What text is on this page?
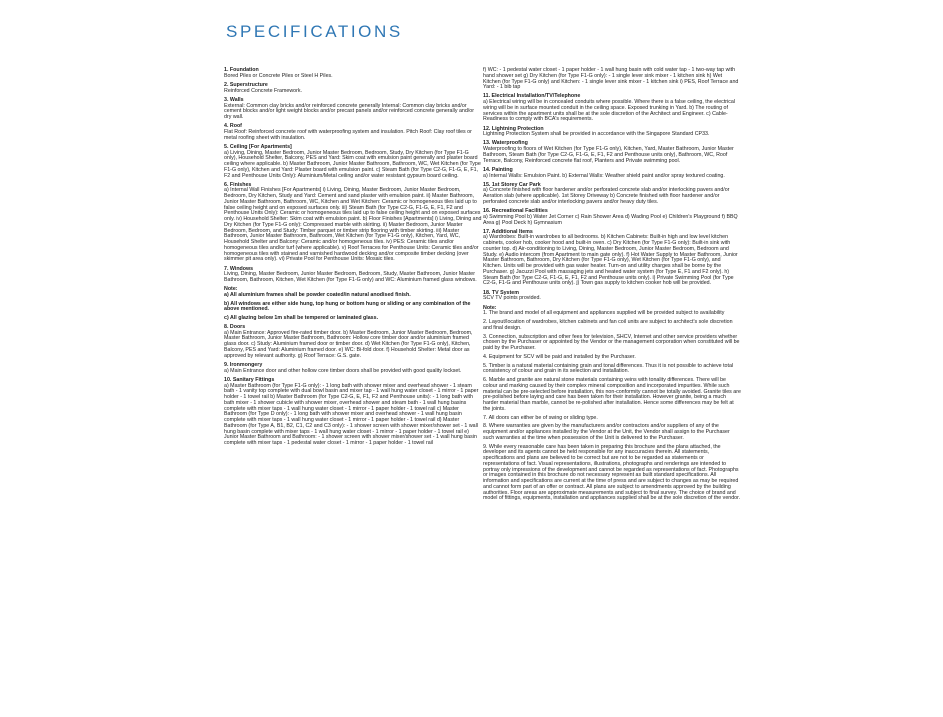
SPECIFICATIONS
1. Foundation
Bored Piles or Concrete Piles or Steel H Piles.
2. Superstructure
Reinforced Concrete Framework.
3. Walls
External: Common clay bricks and/or reinforced concrete generally Internal: Common clay bricks and/or cement blocks and/or light weight blocks and/or precast panels and/or reinforced concrete generally and/or dry wall.
4. Roof
Flat Roof: Reinforced concrete roof with waterproofing system and insulation. Pitch Roof: Clay roof tiles or metal roofing sheet with insulation.
5. Ceiling [For Apartments]
a) Living, Dining, Master Bedroom, Junior Master Bedroom, Bedroom, Study, Dry Kitchen (for Type F1-G only), Household Shelter, Balcony, PES and Yard: Skim coat with emulsion paint generally and plaster board ceiling where applicable. b) Master Bathroom, Junior Master Bathroom, Bathroom, WC, Wet Kitchen (for Type F1-G only), Kitchen and Yard: Plaster board with emulsion paint. c) Steam Bath (for Type C2-G, F1-G, E, F1, F2 and Penthouse Units Only): Aluminium/Metal ceiling and/or water resistant gypsum board ceiling.
6. Finishes
a) Internal Wall Finishes [For Apartments] i) Living, Dining, Master Bedroom, Junior Master Bedroom, Bedroom, Dry Kitchen, Study and Yard: Cement and sand plaster with emulsion paint. ii) Master Bathroom, Junior Master Bathroom, Bathroom, WC, Kitchen and Wet Kitchen: Ceramic or homogeneous tiles laid up to false ceiling height and on exposed surfaces only. iii) Steam Bath (for Type C2-G, F1-G, E, F1, F2 and Penthouse Units Only): Ceramic or homogeneous tiles laid up to false ceiling height and on exposed surfaces only. iv) Household Shelter: Skim coat with emulsion paint. b) Floor Finishes [Apartments] i) Living, Dining and Dry Kitchen (for Type F1-G only): Compressed marble with skirting. ii) Master Bedroom, Junior Master Bedroom, Bedroom, and Study: Timber parquet or timber strip flooring with timber skirting. iii) Master Bathroom, Junior Master Bathroom, Bathroom, Wet Kitchen (for Type F1-G only), Kitchen, Yard, WC, Household Shelter and Balcony: Ceramic and/or homogeneous tiles. iv) PES: Ceramic tiles and/or homogeneous tiles and/or turf (where applicable). v) Roof Terraces for Penthouse Units: Ceramic tiles and/or homogeneous tiles with stained and varnished hardwood decking and/or composite timber decking (over skimmer pit area only). vi) Private Pool for Penthouse Units: Mosaic tiles.
7. Windows
Living, Dining, Master Bedroom, Junior Master Bedroom, Bedroom, Study, Master Bathroom, Junior Master Bathroom, Bathroom, Kitchen, Wet Kitchen (for Type F1-G only) and WC: Aluminium framed glass windows.
Note:
a) All aluminium frames shall be powder coated/in natural anodised finish.
b) All windows are either side hung, top hung or bottom hung or sliding or any combination of the above mentioned.
c) All glazing below 1m shall be tempered or laminated glass.
8. Doors
a) Main Entrance: Approved fire-rated timber door. b) Master Bedroom, Junior Master Bedroom, Bedroom, Master Bathroom, Junior Master Bathroom, Bathroom: Hollow core timber door and/or aluminium framed glass door. c) Study: Aluminium framed door or timber door. d) Wet Kitchen (for Type F1-G only), Kitchen, Balcony, PES and Yard: Aluminium framed door. e) WC: Bi-fold door. f) Household Shelter: Metal door as approved by relevant authority. g) Roof Terrace: G.S. gate.
9. Ironmongery
a) Main Entrance door and other hollow core timber doors shall be provided with good quality lockset.
10. Sanitary Fittings
a) Master Bathroom (for Type F1-G only): - 1 long bath with shower mixer and overhead shower - 1 steam bath - 1 vanity top complete with dual bowl basin and mixer tap - 1 wall hung water closet - 1 mirror - 1 paper holder - 1 towel rail b) Master Bathroom (for Type C2-G, E, F1, F2 and Penthouse units): - 1 long bath with bath mixer - 1 shower cubicle with shower mixer, overhead shower and steam bath - 1 wall hung basins complete with mixer taps - 1 wall hung water closet - 1 mirror - 1 paper holder - 1 towel rail c) Master Bathroom (for Type D only): - 1 long bath with shower mixer and overhead shower - 1 wall hung basin complete with mixer taps - 1 wall hung water closet - 1 mirror - 1 paper holder - 1 towel rail d) Master Bathroom (for Type A, B1, B2, C1, C2 and C3 only): - 1 shower screen with shower mixer/shower set - 1 wall hung basin complete with mixer taps - 1 wall hung water closet - 1 mirror - 1 paper holder - 1 towel rail e) Junior Master Bathroom and Bathroom: - 1 shower screen with shower mixer/shower set - 1 wall hung basin complete with mixer taps - 1 pedestal water closet - 1 mirror - 1 paper holder - 1 towel rail
f) WC: - 1 pedestal water closet - 1 paper holder - 1 wall hung basin with cold water tap - 1 two-way tap with hand shower set g) Dry Kitchen (for Type F1-G only): - 1 single lever sink mixer - 1 kitchen sink h) Wet Kitchen (for Type F1-G only) and Kitchen: - 1 single lever sink mixer - 1 kitchen sink i) PES, Roof Terrace and Yard: - 1 bib tap
11. Electrical Installation/TV/Telephone
a) Electrical wiring will be in concealed conduits where possible. Where there is a false ceiling, the electrical wiring will be in surface mounted conduit in the ceiling space. Exposed trunking in Yard. b) The routing of services within the apartment units shall be at the sole discretion of the Architect and Engineer. c) Cable-Readiness to comply with BCA's requirements.
12. Lightning Protection
Lightning Protection System shall be provided in accordance with the Singapore Standard CP33.
13. Waterproofing
Waterproofing to floors of Wet Kitchen (for Type F1-G only), Kitchen, Yard, Master Bathroom, Junior Master Bathroom, Steam Bath (for Type C2-G, F1-G, E, F1, F2 and Penthouse units only), Bathroom, WC, Roof Terrace, Balcony, Reinforced concrete flat roof, Planters and Private swimming pool.
14. Painting
a) Internal Walls: Emulsion Paint. b) External Walls: Weather shield paint and/or spray textured coating.
15. 1st Storey Car Park
a) Concrete finished with floor hardener and/or perforated concrete slab and/or interlocking pavers and/or Aeration slab (where applicable). 1st Storey Driveway b) Concrete finished with floor hardener and/or perforated concrete slab and/or interlocking pavers and/or heavy duty tiles.
16. Recreational Facilities
a) Swimming Pool b) Water Jet Corner c) Rain Shower Area d) Wading Pool e) Children's Playground f) BBQ Area g) Pool Deck h) Gymnasium
17. Additional Items
a) Wardrobes: Built-in wardrobes to all bedrooms. b) Kitchen Cabinets: Built-in high and low level kitchen cabinets, cooker hob, cooker hood and built-in oven. c) Dry Kitchen (for Type F1-G only): Built-in sink with counter top. d) Air-conditioning to Living, Dining, Master Bedroom, Junior Master Bedroom, Bedroom and Study. e) Audio intercom (from Apartment to main gate only). f) Hot Water Supply to Master Bathroom, Junior Master Bathroom, Bathroom, Dry Kitchen (for Type F1-G only), Wet Kitchen (for Type F1-G only), and Kitchen. Units will be provided with gas water heater. Turn-on and utility charges shall be borne by the Purchaser. g) Jacuzzi Pool with massaging jets and heated water system (for Type E, F1 and F2 only). h) Steam Bath (for Type C2-G, F1-G, E, F1, F2 and Penthouse units only). i) Private Swimming Pool (for Type C2-G, F1-G and Penthouse units only). j) Town gas supply to kitchen cooker hob will be provided.
18. TV System
SCV TV points provided.
Note:
1. The brand and model of all equipment and appliances supplied will be provided subject to availability
2. Layout/location of wardrobes, kitchen cabinets and fan coil units are subject to architect's sole discretion and final design.
3. Connection, subscription and other fees for television, SHCV, Internet and other service providers whether chosen by the Purchaser or appointed by the Vendor or the management corporation when constituted will be paid by the Purchaser.
4. Equipment for SCV will be paid and installed by the Purchaser.
5. Timber is a natural material containing grain and tonal differences. Thus it is not possible to achieve total consistency of colour and grain in its selection and installation.
6. Marble and granite are natural stone materials containing veins with tonality differences. There will be colour and marking caused by their complex mineral composition and incorporated impurities. While such material can be pre-selected before installation, this non-conformity cannot be totally avoided. Granite tiles are pre-polished before laying and care has been taken for their installation. However granite, being a much harder material than marble, cannot be re-polished after installation. Hence some differences may be felt at the joints.
7. All doors can either be of swing or sliding type.
8. Where warranties are given by the manufacturers and/or contractors and/or suppliers of any of the equipment and/or appliances installed by the Vendor at the Unit, the Vendor shall assign to the Purchaser such warranties at the time when possession of the Unit is delivered to the Purchaser.
9. While every reasonable care has been taken in preparing this brochure and the plans attached, the developer and its agents cannot be held responsible for any inaccuracies therein. All statements, specifications and plans are believed to be correct but are not to be regarded as statements or representations of fact. Visual representations, illustrations, photographs and renderings are intended to portray only impressions of the development and cannot be regarded as representations of fact. Photographs or images contained in this brochure do not necessary represent as built standard specifications. All information and specifications are current at the time of press and are subject to changes as may be required and cannot form part of an offer or contract. All plans are subject to amendments approved by the building authorities. Floor areas are approximate measurements and subject to final survey. The choice of brand and model of fittings, equipments, installation and appliances supplied shall be at the sole discretion of the vendor.
